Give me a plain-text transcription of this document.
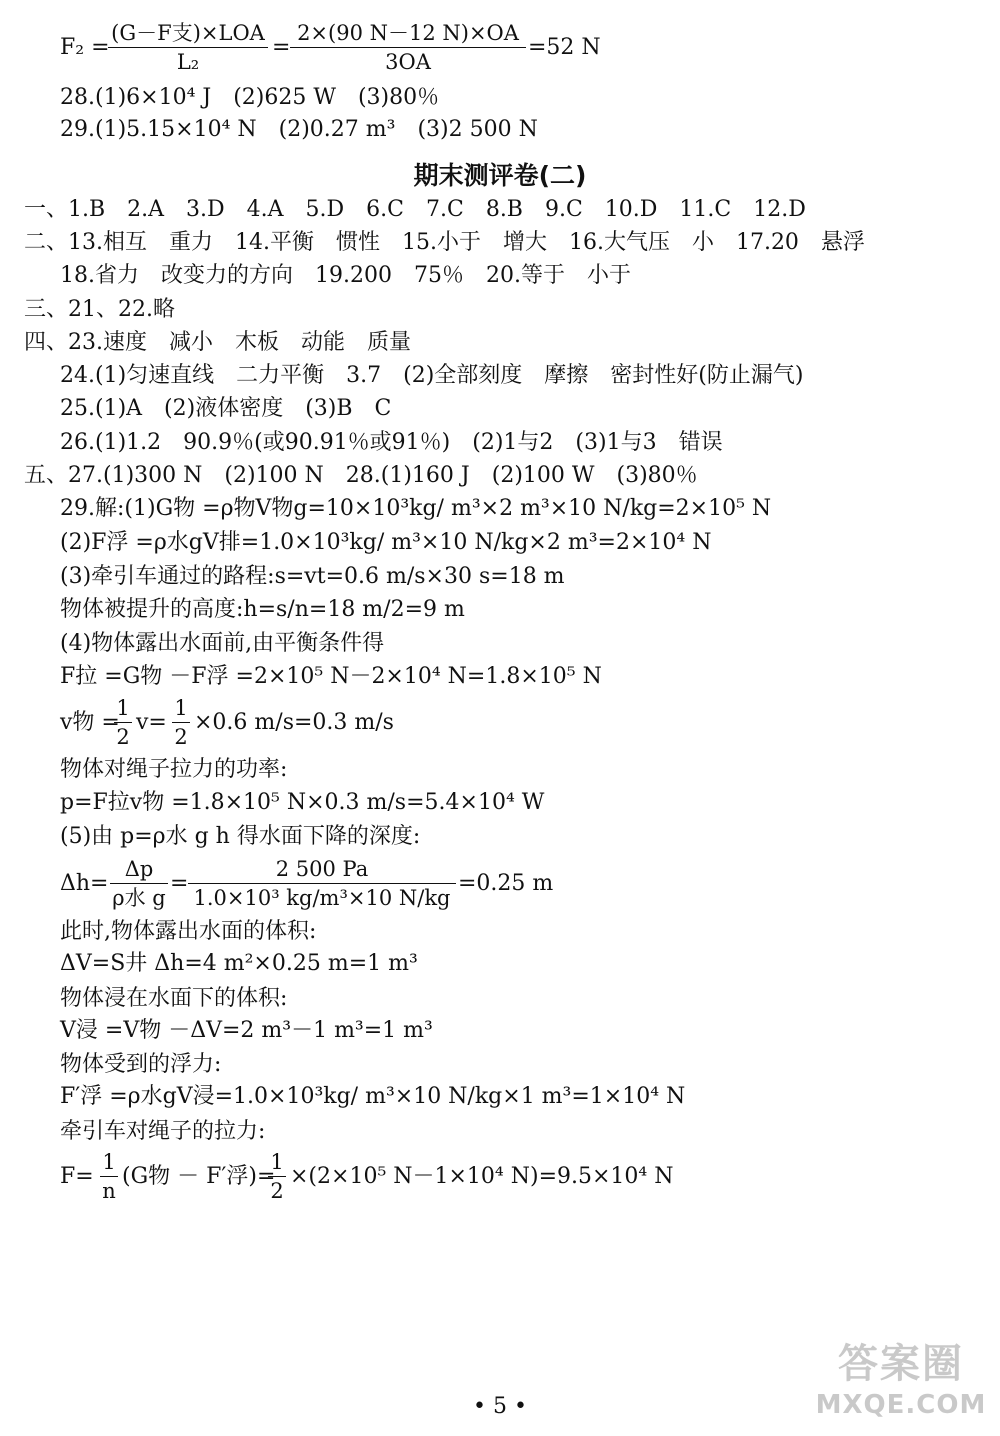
F₂ =
(G－F支)×LOA
L₂
=
2×(90 N－12 N)×OA
3OA
=52 N
28.(1)6×10⁴ J　(2)625 W　(3)80％
29.(1)5.15×10⁴ N　(2)0.27 m³　(3)2 500 N
期末测评卷(二)
一、1.B　2.A　3.D　4.A　5.D　6.C　7.C　8.B　9.C　10.D　11.C　12.D
二、13.相互　重力　14.平衡　惯性　15.小于　增大　16.大气压　小　17.20　悬浮
18.省力　改变力的方向　19.200　75％　20.等于　小于
三、21、22.略
四、23.速度　减小　木板　动能　质量
24.(1)匀速直线　二力平衡　3.7　(2)全部刻度　摩擦　密封性好(防止漏气)
25.(1)A　(2)液体密度　(3)B　C
26.(1)1.2　90.9％(或90.91％或91％)　(2)1与2　(3)1与3　错误
五、27.(1)300 N　(2)100 N　28.(1)160 J　(2)100 W　(3)80％
29.解:(1)G物 =ρ物V物g=10×10³kg/ m³×2 m³×10 N/kg=2×10⁵ N
(2)F浮 =ρ水gV排=1.0×10³kg/ m³×10 N/kg×2 m³=2×10⁴ N
(3)牵引车通过的路程:s=vt=0.6 m/s×30 s=18 m
物体被提升的高度:h=s/n=18 m/2=9 m
(4)物体露出水面前,由平衡条件得
F拉 =G物 －F浮 =2×10⁵ N－2×10⁴ N=1.8×10⁵ N
v物 =
1
2
v=
1
2
×0.6 m/s=0.3 m/s
物体对绳子拉力的功率:
p=F拉v物 =1.8×10⁵ N×0.3 m/s=5.4×10⁴ W
(5)由 p=ρ水 g h 得水面下降的深度:
Δh=
Δp
ρ水 g
=
2 500 Pa
1.0×10³ kg/m³×10 N/kg
=0.25 m
此时,物体露出水面的体积:
ΔV=S井 Δh=4 m²×0.25 m=1 m³
物体浸在水面下的体积:
V浸 =V物 －ΔV=2 m³－1 m³=1 m³
物体受到的浮力:
F′浮 =ρ水gV浸=1.0×10³kg/ m³×10 N/kg×1 m³=1×10⁴ N
牵引车对绳子的拉力:
F=
1
n
(G物 － F′浮)=
1
2
×(2×10⁵ N－1×10⁴ N)=9.5×10⁴ N
• 5 •
答案圈
MXQE.COM
